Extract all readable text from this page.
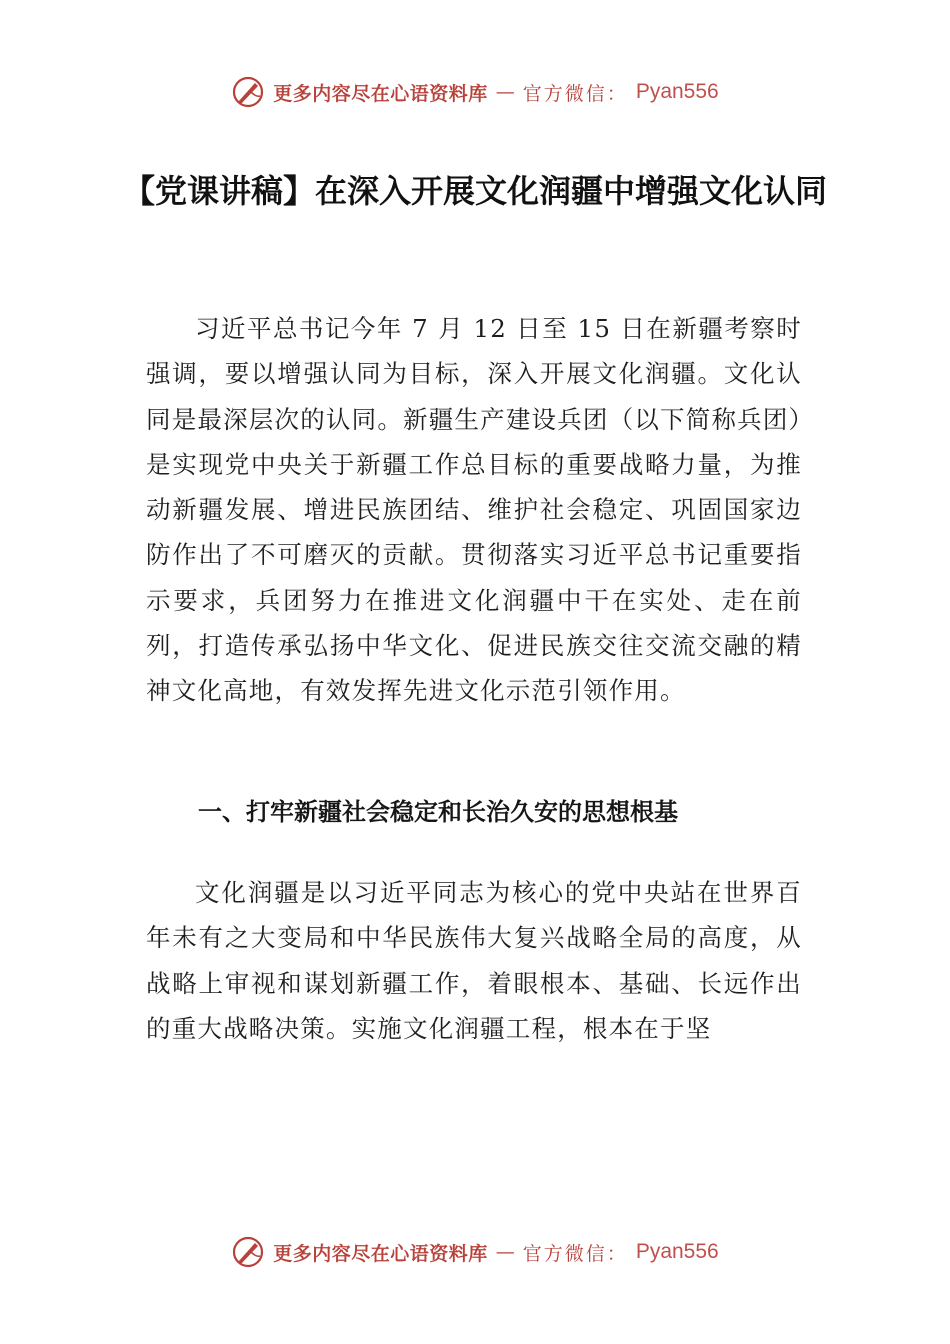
更多内容尽在心语资料库 — 官方微信： Pyan556
【党课讲稿】在深入开展文化润疆中增强文化认同

习近平总书记今年 7 月 12 日至 15 日在新疆考察时强调，要以增强认同为目标，深入开展文化润疆。文化认同是最深层次的认同。新疆生产建设兵团（以下简称兵团）是实现党中央关于新疆工作总目标的重要战略力量，为推动新疆发展、增进民族团结、维护社会稳定、巩固国家边防作出了不可磨灭的贡献。贯彻落实习近平总书记重要指示要求，兵团努力在推进文化润疆中干在实处、走在前列，打造传承弘扬中华文化、促进民族交往交流交融的精神文化高地，有效发挥先进文化示范引领作用。

一、打牢新疆社会稳定和长治久安的思想根基

文化润疆是以习近平同志为核心的党中央站在世界百年未有之大变局和中华民族伟大复兴战略全局的高度，从战略上审视和谋划新疆工作，着眼根本、基础、长远作出的重大战略决策。实施文化润疆工程，根本在于坚

更多内容尽在心语资料库 — 官方微信： Pyan556
